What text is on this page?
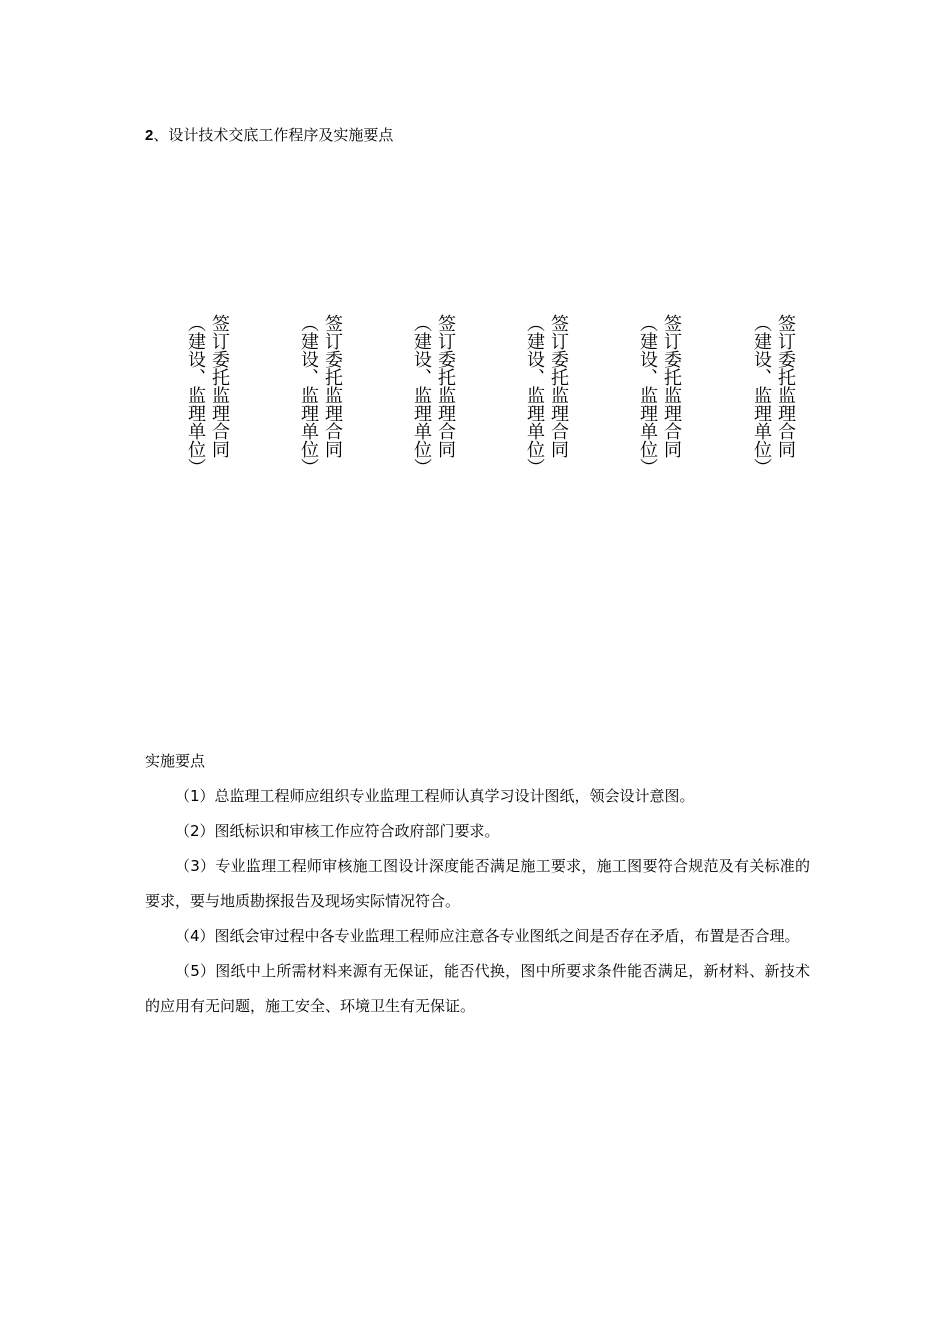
2、设计技术交底工作程序及实施要点
签订委托监理合同
（建设、监理单位）	签订委托监理合同
（建设、监理单位）	签订委托监理合同
（建设、监理单位）	签订委托监理合同
（建设、监理单位）	签订委托监理合同
（建设、监理单位）	签订委托监理合同
（建设、监理单位）

实施要点

（1）总监理工程师应组织专业监理工程师认真学习设计图纸，领会设计意图。

（2）图纸标识和审核工作应符合政府部门要求。

（3）专业监理工程师审核施工图设计深度能否满足施工要求，施工图要符合规范及有关标准的要求，要与地质勘探报告及现场实际情况符合。

（4）图纸会审过程中各专业监理工程师应注意各专业图纸之间是否存在矛盾，布置是否合理。

（5）图纸中上所需材料来源有无保证，能否代换，图中所要求条件能否满足，新材料、新技术的应用有无问题，施工安全、环境卫生有无保证。
